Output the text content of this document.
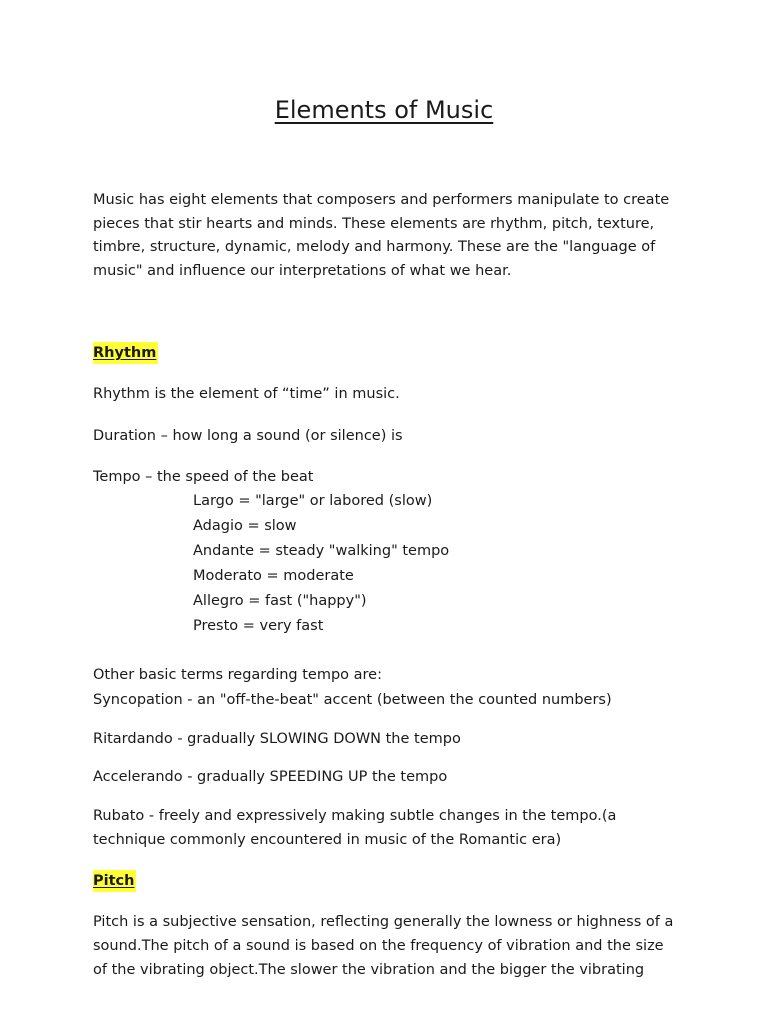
Elements of Music

Music has eight elements that composers and performers manipulate to create pieces that stir hearts and minds. These elements are rhythm, pitch, texture, timbre, structure, dynamic, melody and harmony. These are the "language of music" and influence our interpretations of what we hear.

Rhythm
Rhythm is the element of “time” in music.
Duration – how long a sound (or silence) is
Tempo – the speed of the beat
Largo = "large" or labored (slow)
Adagio = slow
Andante = steady "walking" tempo
Moderato = moderate
Allegro = fast ("happy")
Presto = very fast
Other basic terms regarding tempo are:
Syncopation - an "off-the-beat" accent (between the counted numbers)
Ritardando - gradually SLOWING DOWN the tempo
Accelerando - gradually SPEEDING UP the tempo
Rubato - freely and expressively making subtle changes in the tempo.(a
technique commonly encountered in music of the Romantic era)
Pitch
Pitch is a subjective sensation, reflecting generally the lowness or highness of a
sound.The pitch of a sound is based on the frequency of vibration and the size
of the vibrating object.The slower the vibration and the bigger the vibrating
